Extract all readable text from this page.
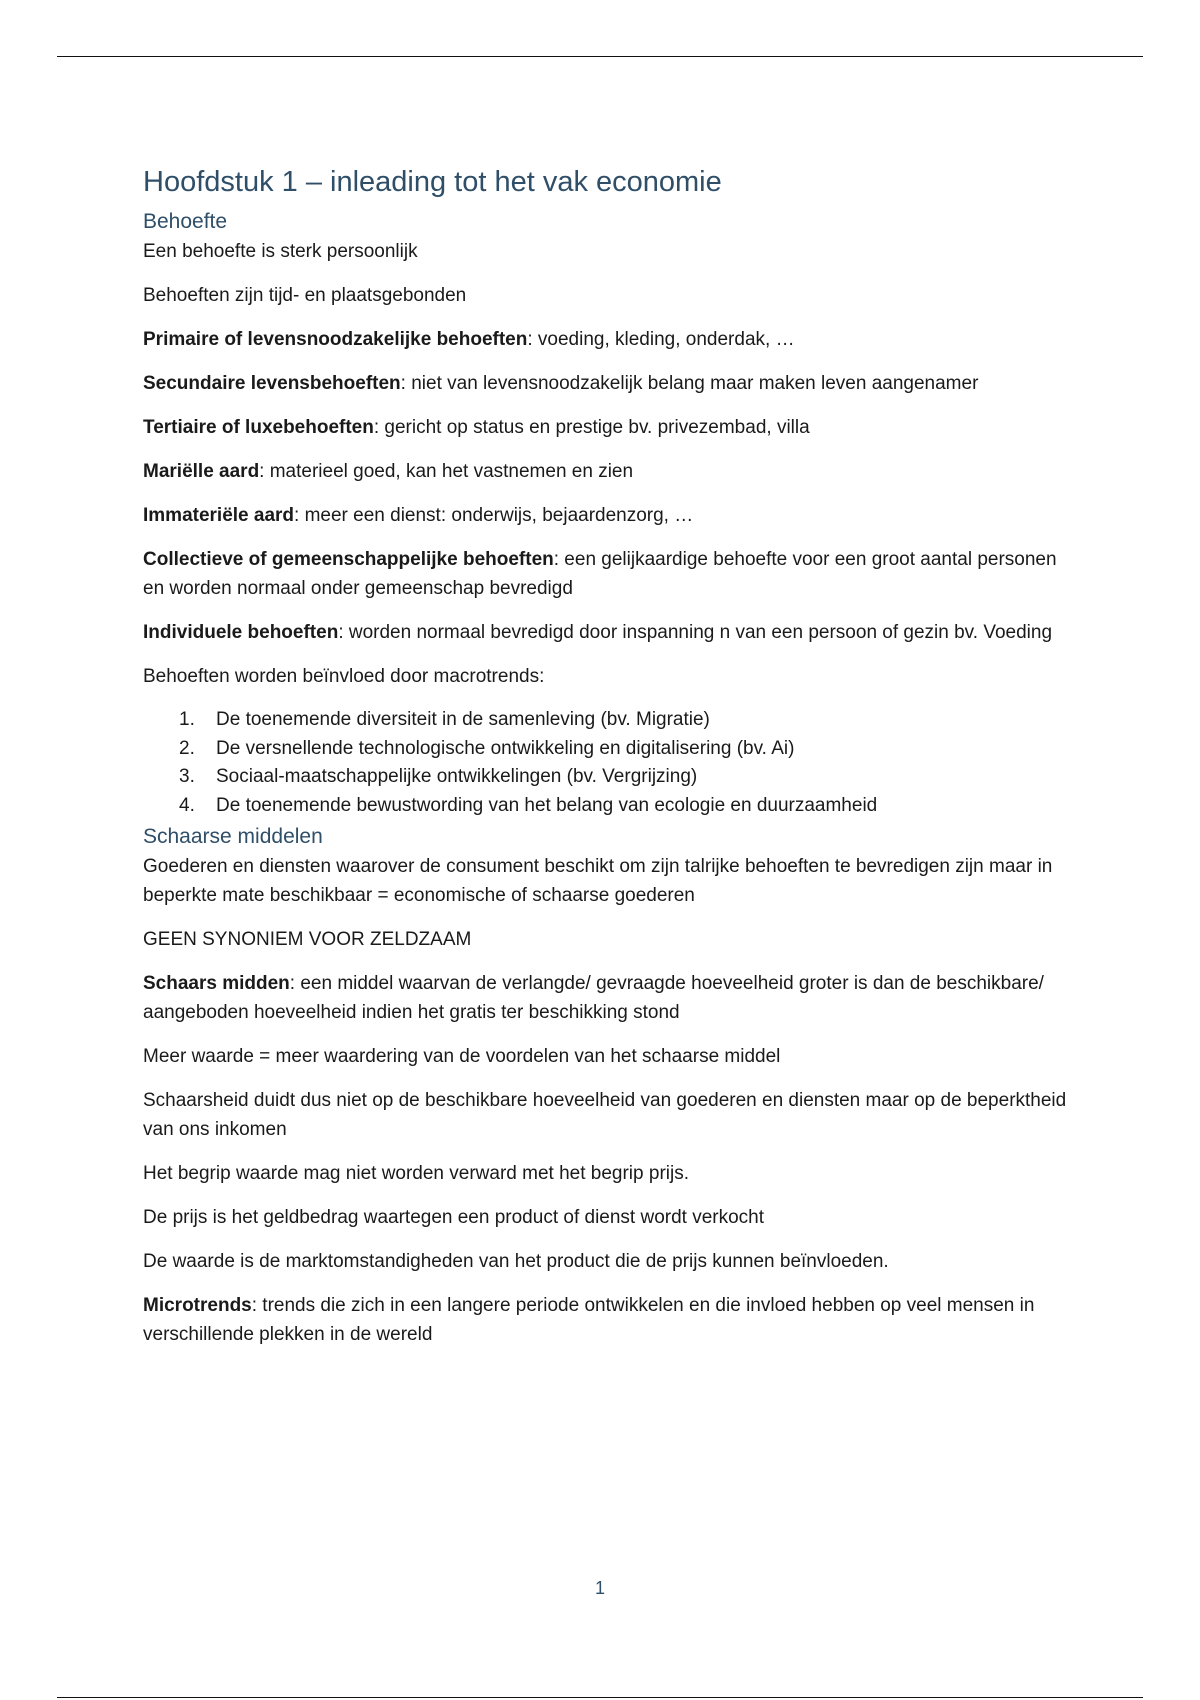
Hoofdstuk 1 – inleading tot het vak economie
Behoefte

Een behoefte is sterk persoonlijk

Behoeften zijn tijd- en plaatsgebonden

Primaire of levensnoodzakelijke behoeften: voeding, kleding, onderdak, …

Secundaire levensbehoeften: niet van levensnoodzakelijk belang maar maken leven aangenamer

Tertiaire of luxebehoeften: gericht op status en prestige bv. privezembad, villa

Mariëlle aard: materieel goed, kan het vastnemen en zien

Immateriële aard: meer een dienst: onderwijs, bejaardenzorg, …

Collectieve of gemeenschappelijke behoeften: een gelijkaardige behoefte voor een groot aantal personen en worden normaal onder gemeenschap bevredigd

Individuele behoeften: worden normaal bevredigd door inspanning n van een persoon of gezin bv. Voeding

Behoeften worden beïnvloed door macrotrends:

1. De toenemende diversiteit in de samenleving (bv. Migratie)
2. De versnellende technologische ontwikkeling en digitalisering (bv. Ai)
3. Sociaal-maatschappelijke ontwikkelingen (bv. Vergrijzing)
4. De toenemende bewustwording van het belang van ecologie en duurzaamheid
Schaarse middelen

Goederen en diensten waarover de consument beschikt om zijn talrijke behoeften te bevredigen zijn maar in beperkte mate beschikbaar = economische of schaarse goederen

GEEN SYNONIEM VOOR ZELDZAAM

Schaars midden: een middel waarvan de verlangde/ gevraagde hoeveelheid groter is dan de beschikbare/ aangeboden hoeveelheid indien het gratis ter beschikking stond

Meer waarde = meer waardering van de voordelen van het schaarse middel

Schaarsheid duidt dus niet op de beschikbare hoeveelheid van goederen en diensten maar op de beperktheid van ons inkomen

Het begrip waarde mag niet worden verward met het begrip prijs.

De prijs is het geldbedrag waartegen een product of dienst wordt verkocht

De waarde is de marktomstandigheden van het product die de prijs kunnen beïnvloeden.

Microtrends: trends die zich in een langere periode ontwikkelen en die invloed hebben op veel mensen in verschillende plekken in de wereld

1
